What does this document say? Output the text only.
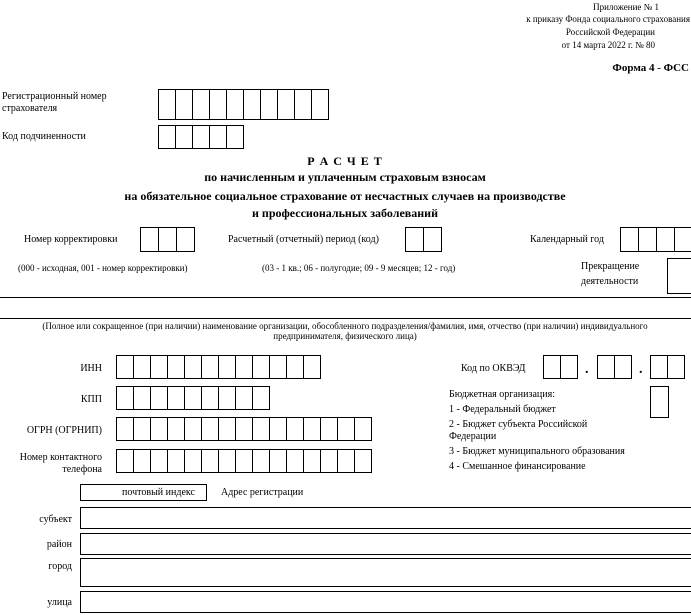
Приложение № 1
к приказу Фонда социального страхования
Российской Федерации
от 14 марта 2022 г. № 80
Форма 4 - ФСС
Регистрационный номер страхователя
Код подчиненности
Р А С Ч Е Т
по начисленным и уплаченным страховым взносам
на обязательное социальное страхование от несчастных случаев на производстве
и профессиональных заболеваний
Номер корректировки
(000 - исходная, 001 - номер корректировки)
Расчетный (отчетный) период (код)
(03 - 1 кв.; 06 - полугодие; 09 - 9 месяцев; 12 - год)
Календарный год
Прекращение
деятельности
(Полное или сокращенное (при наличии) наименование организации, обособленного подразделения/фамилия, имя, отчество (при наличии) индивидуального предпринимателя, физического лица)
ИНН
КПП
ОГРН (ОГРНИП)
Номер контактного телефона
Код по ОКВЭД	.	.
Бюджетная организация:
1 - Федеральный бюджет
2 - Бюджет субъекта Российской Федерации
3 - Бюджет муниципального образования
4 - Смешанное финансирование
почтовый индекс	Адрес регистрации
субъект
район
город
улица
